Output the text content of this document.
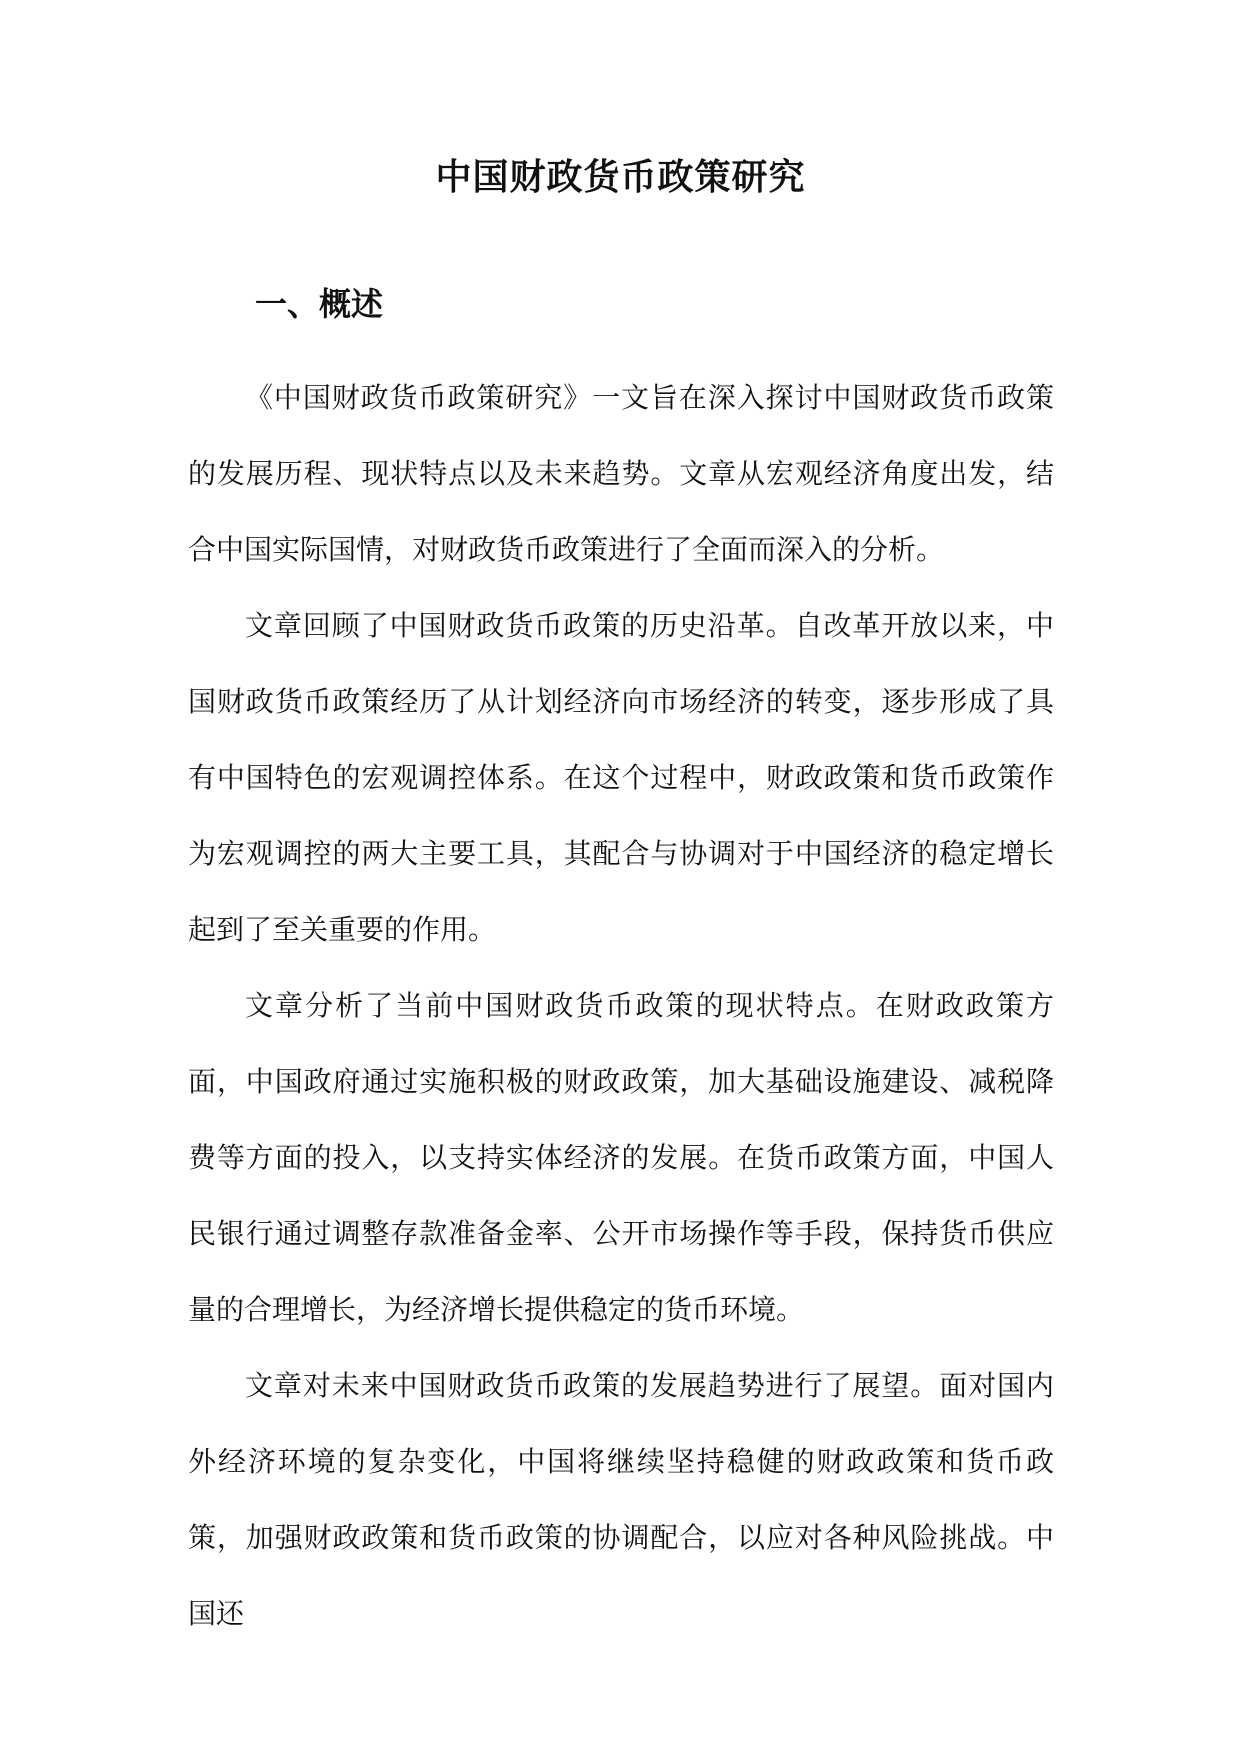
中国财政货币政策研究
一、概述

《中国财政货币政策研究》一文旨在深入探讨中国财政货币政策的发展历程、现状特点以及未来趋势。文章从宏观经济角度出发，结合中国实际国情，对财政货币政策进行了全面而深入的分析。

文章回顾了中国财政货币政策的历史沿革。自改革开放以来，中国财政货币政策经历了从计划经济向市场经济的转变，逐步形成了具有中国特色的宏观调控体系。在这个过程中，财政政策和货币政策作为宏观调控的两大主要工具，其配合与协调对于中国经济的稳定增长起到了至关重要的作用。

文章分析了当前中国财政货币政策的现状特点。在财政政策方面，中国政府通过实施积极的财政政策，加大基础设施建设、减税降费等方面的投入，以支持实体经济的发展。在货币政策方面，中国人民银行通过调整存款准备金率、公开市场操作等手段，保持货币供应量的合理增长，为经济增长提供稳定的货币环境。

文章对未来中国财政货币政策的发展趋势进行了展望。面对国内外经济环境的复杂变化，中国将继续坚持稳健的财政政策和货币政策，加强财政政策和货币政策的协调配合，以应对各种风险挑战。中国还
